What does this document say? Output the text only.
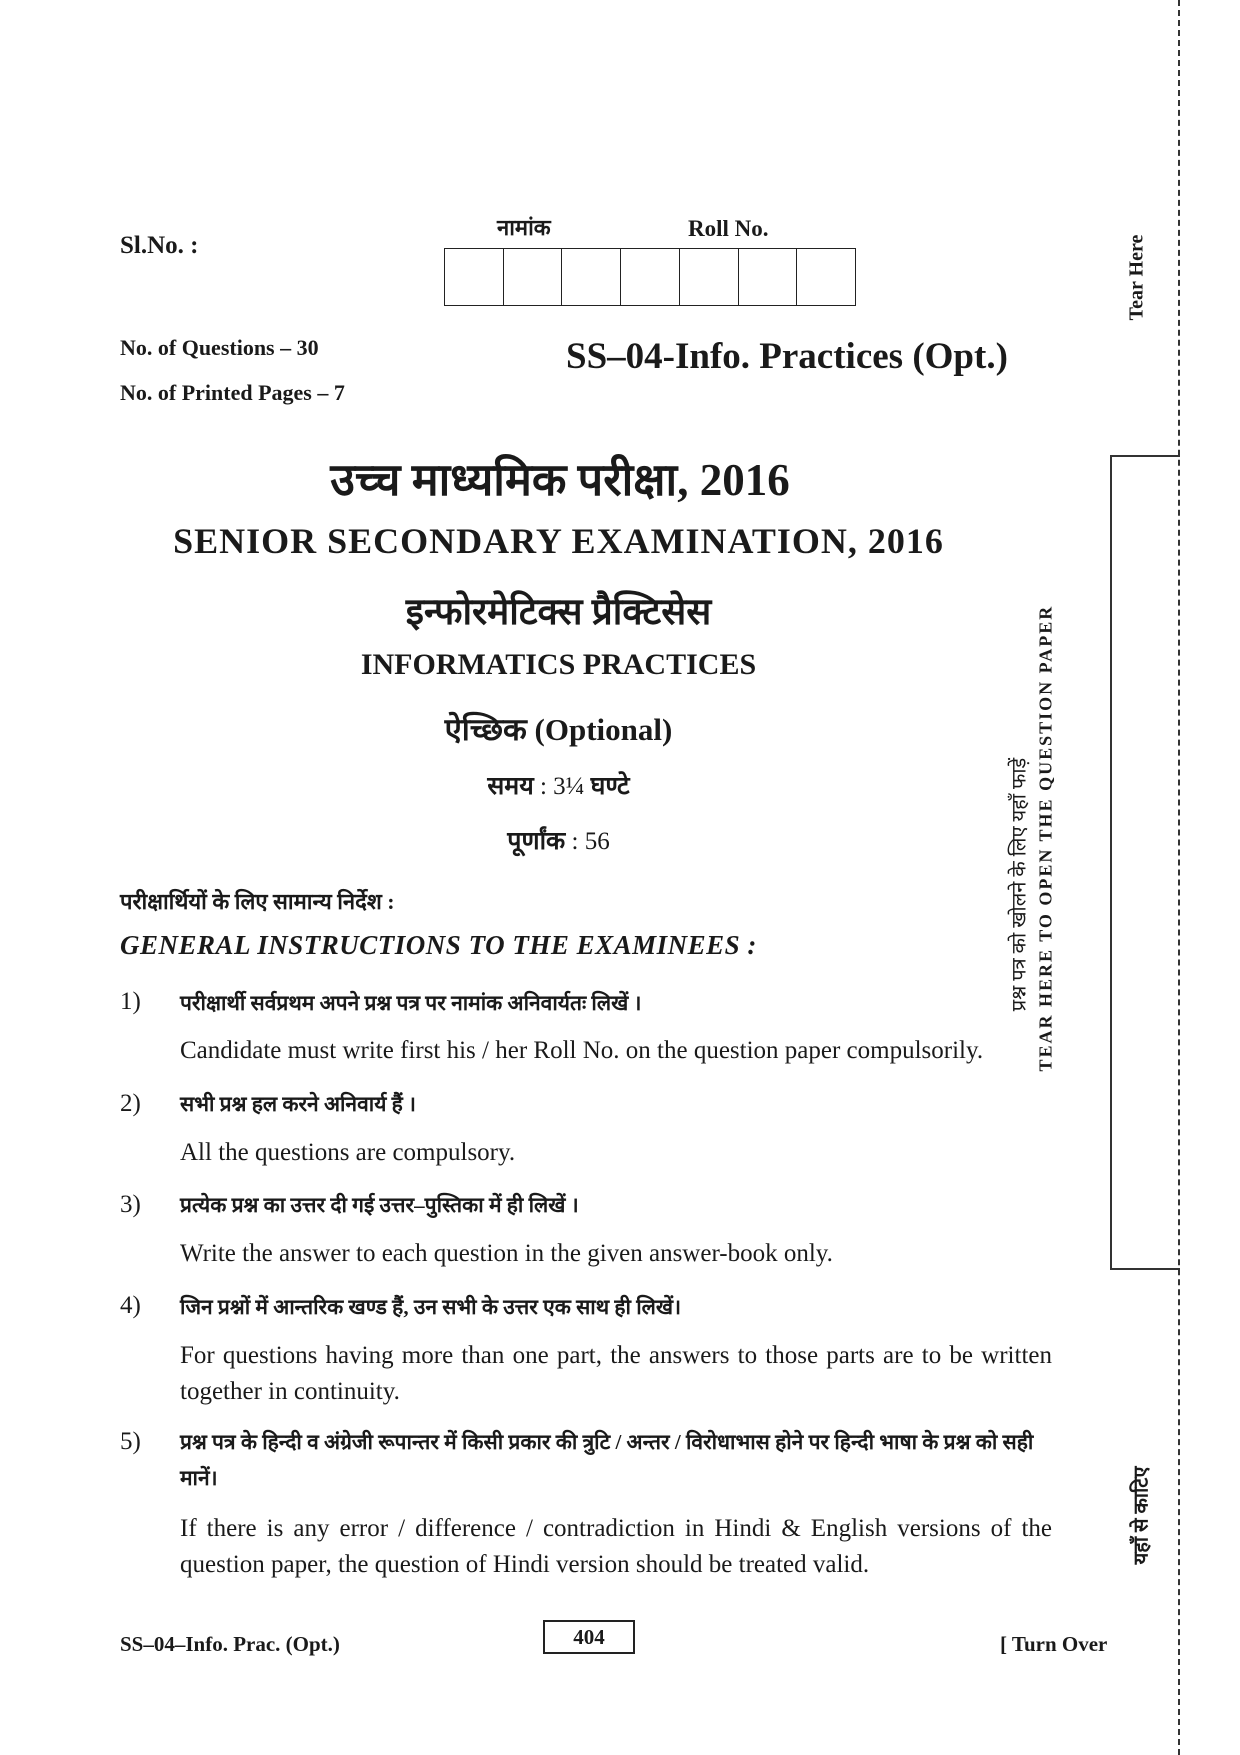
Sl.No. :
नामांक	Roll No.
No. of Questions – 30
No. of Printed Pages – 7
SS–04-Info. Practices (Opt.)
उच्च माध्यमिक परीक्षा, 2016
SENIOR SECONDARY EXAMINATION, 2016
इन्फोरमेटिक्स प्रैक्टिसेस
INFORMATICS PRACTICES
ऐच्छिक (Optional)
समय : 3¼ घण्टे
पूर्णांक : 56
परीक्षार्थियों के लिए सामान्य निर्देश :
GENERAL INSTRUCTIONS TO THE EXAMINEES :
1) परीक्षार्थी सर्वप्रथम अपने प्रश्न पत्र पर नामांक अनिवार्यतः लिखें ।
Candidate must write first his / her Roll No. on the question paper compulsorily.
2) सभी प्रश्न हल करने अनिवार्य हैं ।
All the questions are compulsory.
3) प्रत्येक प्रश्न का उत्तर दी गई उत्तर–पुस्तिका में ही लिखें ।
Write the answer to each question in the given answer-book only.
4) जिन प्रश्नों में आन्तरिक खण्ड हैं, उन सभी के उत्तर एक साथ ही लिखें।
For questions having more than one part, the answers to those parts are to be written together in continuity.
5) प्रश्न पत्र के हिन्दी व अंग्रेजी रूपान्तर में किसी प्रकार की त्रुटि / अन्तर / विरोधाभास होने पर हिन्दी भाषा के प्रश्न को सही मानें।
If there is any error / difference / contradiction in Hindi & English versions of the question paper, the question of Hindi version should be treated valid.
SS–04–Info. Prac. (Opt.)	404	[ Turn Over
Tear Here
प्रश्न पत्र को खोलने के लिए यहाँ फाड़ें TEAR HERE TO OPEN THE QUESTION PAPER
यहाँ से काटिए
